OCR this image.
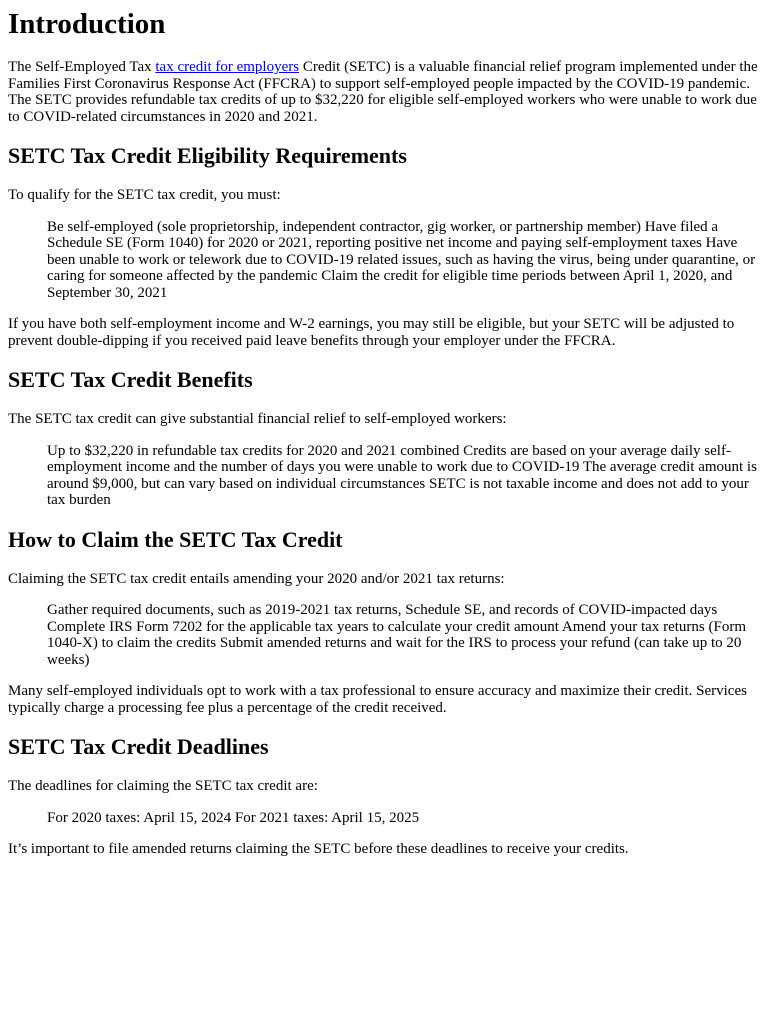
Introduction

The Self-Employed Tax tax credit for employers Credit (SETC) is a valuable financial relief program implemented under the Families First Coronavirus Response Act (FFCRA) to support self-employed people impacted by the COVID-19 pandemic. The SETC provides refundable tax credits of up to $32,220 for eligible self-employed workers who were unable to work due to COVID-related circumstances in 2020 and 2021.

SETC Tax Credit Eligibility Requirements

To qualify for the SETC tax credit, you must:

Be self-employed (sole proprietorship, independent contractor, gig worker, or partnership member) Have filed a Schedule SE (Form 1040) for 2020 or 2021, reporting positive net income and paying self-employment taxes Have been unable to work or telework due to COVID-19 related issues, such as having the virus, being under quarantine, or caring for someone affected by the pandemic Claim the credit for eligible time periods between April 1, 2020, and September 30, 2021

If you have both self-employment income and W-2 earnings, you may still be eligible, but your SETC will be adjusted to prevent double-dipping if you received paid leave benefits through your employer under the FFCRA.

SETC Tax Credit Benefits

The SETC tax credit can give substantial financial relief to self-employed workers:

Up to $32,220 in refundable tax credits for 2020 and 2021 combined Credits are based on your average daily self-employment income and the number of days you were unable to work due to COVID-19 The average credit amount is around $9,000, but can vary based on individual circumstances SETC is not taxable income and does not add to your tax burden
How to Claim the SETC Tax Credit

Claiming the SETC tax credit entails amending your 2020 and/or 2021 tax returns:

Gather required documents, such as 2019-2021 tax returns, Schedule SE, and records of COVID-impacted days Complete IRS Form 7202 for the applicable tax years to calculate your credit amount Amend your tax returns (Form 1040-X) to claim the credits Submit amended returns and wait for the IRS to process your refund (can take up to 20 weeks)

Many self-employed individuals opt to work with a tax professional to ensure accuracy and maximize their credit. Services typically charge a processing fee plus a percentage of the credit received.

SETC Tax Credit Deadlines

The deadlines for claiming the SETC tax credit are:

For 2020 taxes: April 15, 2024 For 2021 taxes: April 15, 2025

It’s important to file amended returns claiming the SETC before these deadlines to receive your credits.
